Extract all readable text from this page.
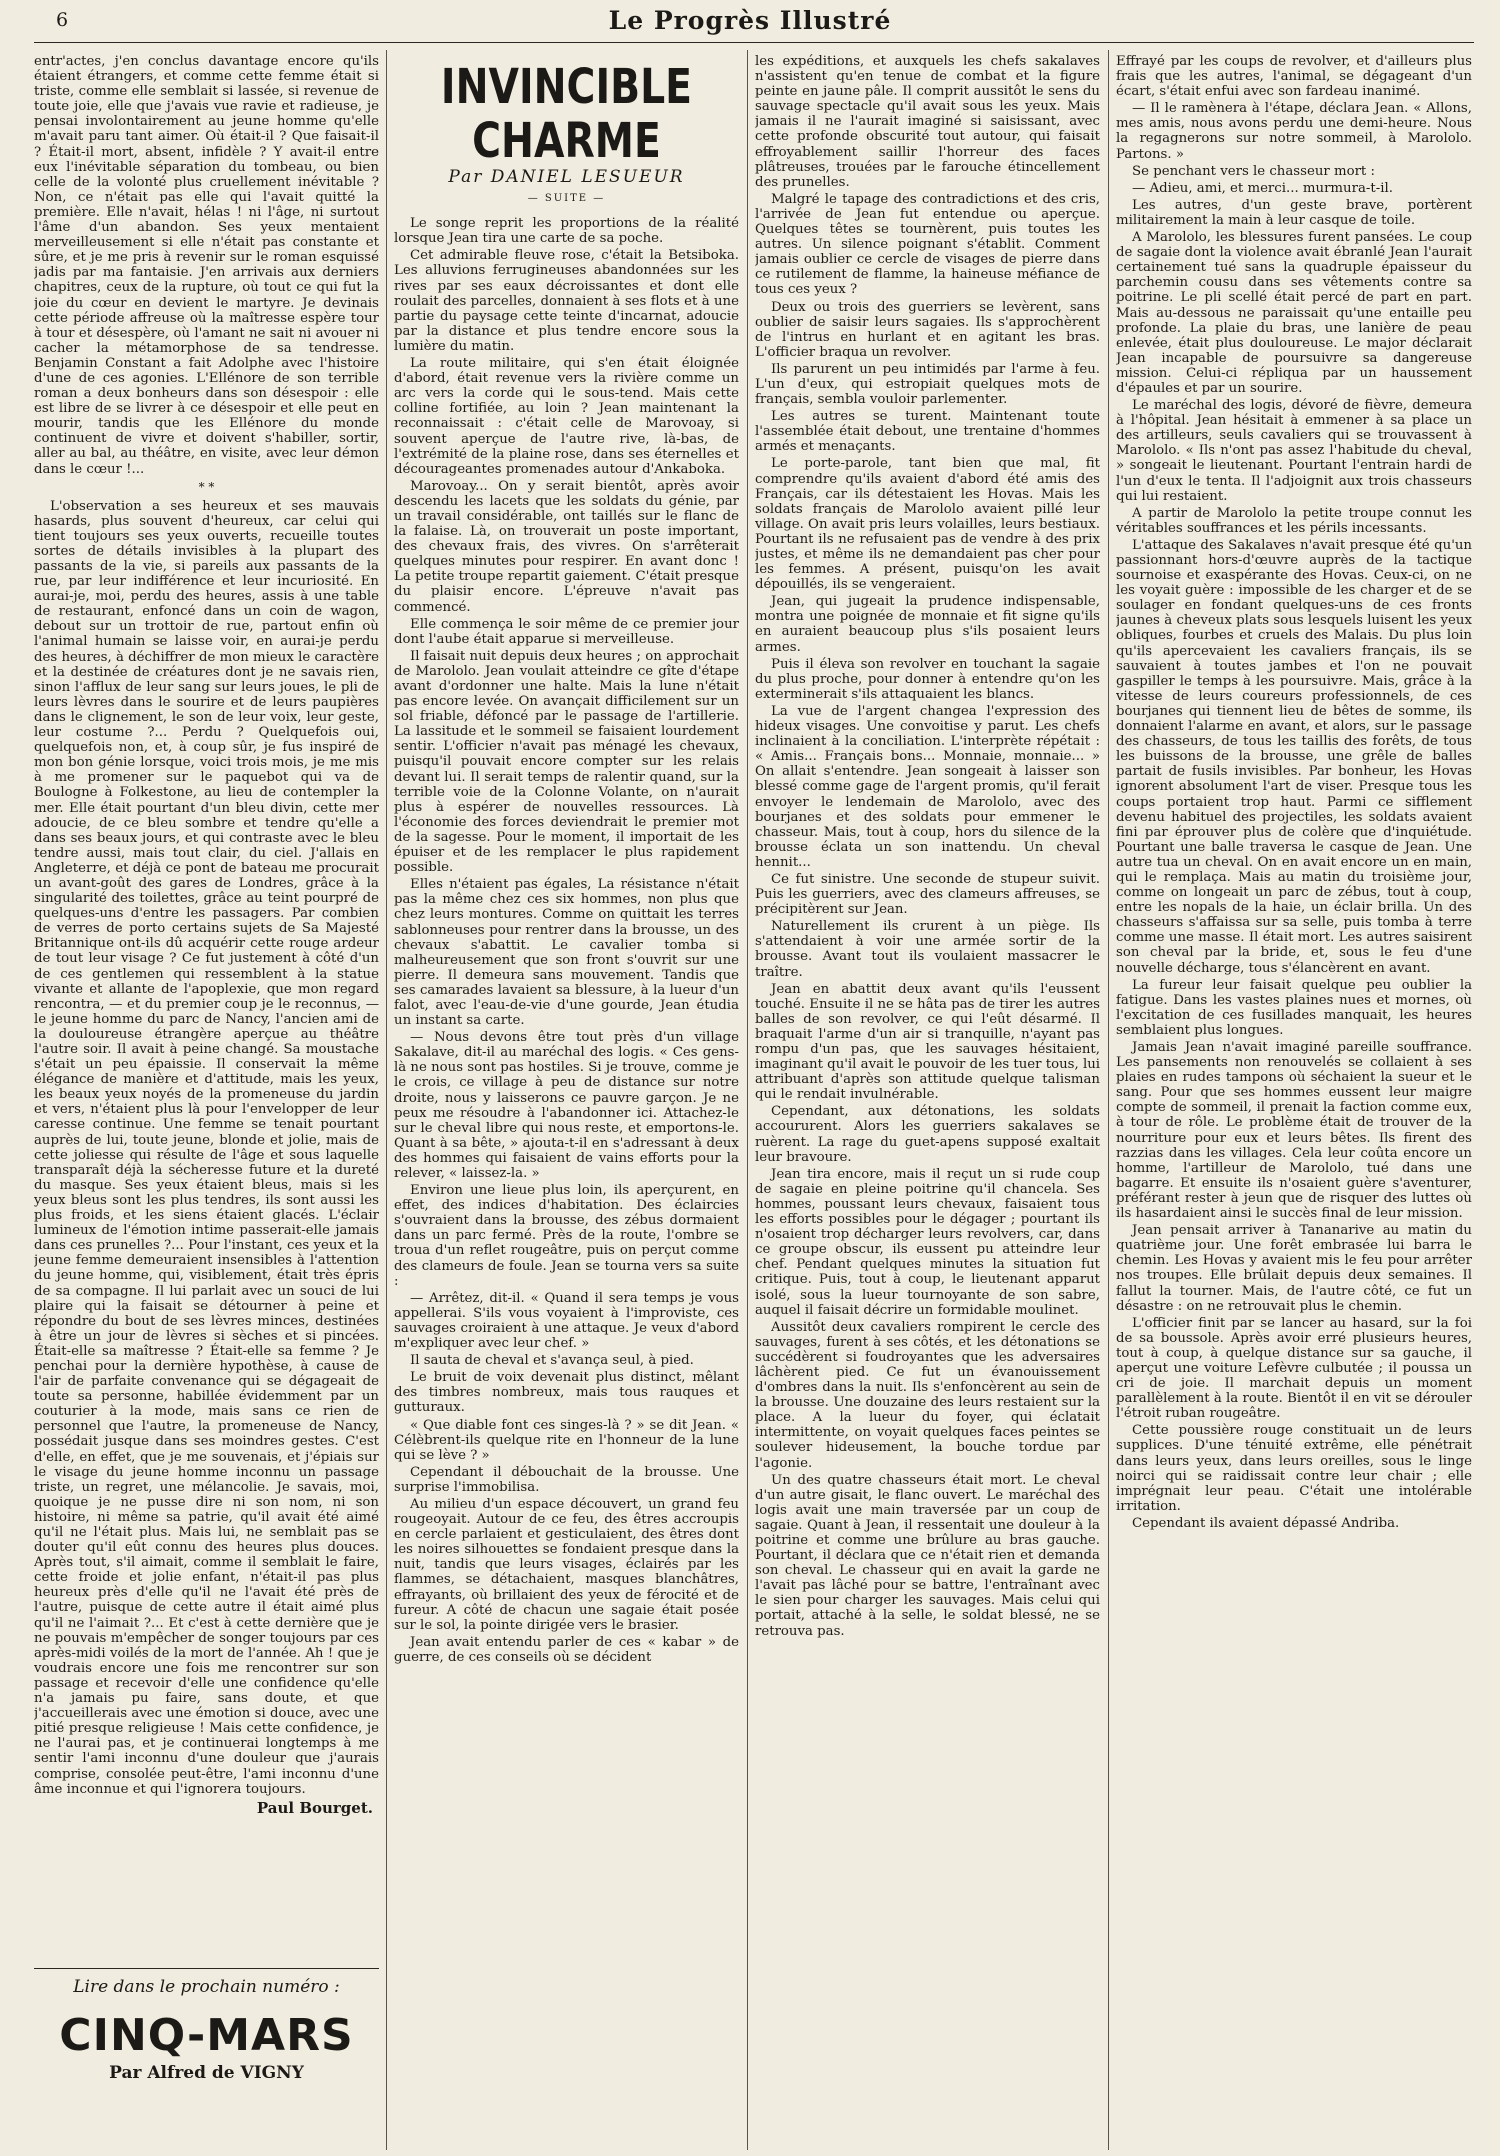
6	Le Progrès Illustré

entr'actes, j'en conclus davantage encore qu'ils étaient étrangers, et comme cette femme était si triste, comme elle semblait si lassée, si revenue de toute joie, elle que j'avais vue ravie et radieuse, je pensai involontairement au jeune homme qu'elle m'avait paru tant aimer. Où était-il ? Que faisait-il ? Était-il mort, absent, infidèle ? Y avait-il entre eux l'inévitable séparation du tombeau, ou bien celle de la volonté plus cruellement inévitable ? Non, ce n'était pas elle qui l'avait quitté la première. Elle n'avait, hélas ! ni l'âge, ni surtout l'âme d'un abandon. Ses yeux mentaient merveilleusement si elle n'était pas constante et sûre, et je me pris à revenir sur le roman esquissé jadis par ma fantaisie. J'en arrivais aux derniers chapitres, ceux de la rupture, où tout ce qui fut la joie du cœur en devient le martyre. Je devinais cette période affreuse où la maîtresse espère tour à tour et désespère, où l'amant ne sait ni avouer ni cacher la métamorphose de sa tendresse. Benjamin Constant a fait Adolphe avec l'histoire d'une de ces agonies. L'Ellénore de son terrible roman a deux bonheurs dans son désespoir : elle est libre de se livrer à ce désespoir et elle peut en mourir, tandis que les Ellénore du monde continuent de vivre et doivent s'habiller, sortir, aller au bal, au théâtre, en visite, avec leur démon dans le cœur !...

* *

L'observation a ses heureux et ses mauvais hasards, plus souvent d'heureux, car celui qui tient toujours ses yeux ouverts, recueille toutes sortes de détails invisibles à la plupart des passants de la vie, si pareils aux passants de la rue, par leur indifférence et leur incuriosité. En aurai-je, moi, perdu des heures, assis à une table de restaurant, enfoncé dans un coin de wagon, debout sur un trottoir de rue, partout enfin où l'animal humain se laisse voir, en aurai-je perdu des heures, à déchiffrer de mon mieux le caractère et la destinée de créatures dont je ne savais rien, sinon l'afflux de leur sang sur leurs joues, le pli de leurs lèvres dans le sourire et de leurs paupières dans le clignement, le son de leur voix, leur geste, leur costume ?... Perdu ? Quelquefois oui, quelquefois non, et, à coup sûr, je fus inspiré de mon bon génie lorsque, voici trois mois, je me mis à me promener sur le paquebot qui va de Boulogne à Folkestone, au lieu de contempler la mer. Elle était pourtant d'un bleu divin, cette mer adoucie, de ce bleu sombre et tendre qu'elle a dans ses beaux jours, et qui contraste avec le bleu tendre aussi, mais tout clair, du ciel. J'allais en Angleterre, et déjà ce pont de bateau me procurait un avant-goût des gares de Londres, grâce à la singularité des toilettes, grâce au teint pourpré de quelques-uns d'entre les passagers. Par combien de verres de porto certains sujets de Sa Majesté Britannique ont-ils dû acquérir cette rouge ardeur de tout leur visage ? Ce fut justement à côté d'un de ces gentlemen qui ressemblent à la statue vivante et allante de l'apoplexie, que mon regard rencontra, — et du premier coup je le reconnus, — le jeune homme du parc de Nancy, l'ancien ami de la douloureuse étrangère aperçue au théâtre l'autre soir. Il avait à peine changé. Sa moustache s'était un peu épaissie. Il conservait la même élégance de manière et d'attitude, mais les yeux, les beaux yeux noyés de la promeneuse du jardin et vers, n'étaient plus là pour l'envelopper de leur caresse continue. Une femme se tenait pourtant auprès de lui, toute jeune, blonde et jolie, mais de cette joliesse qui résulte de l'âge et sous laquelle transparaît déjà la sécheresse future et la dureté du masque. Ses yeux étaient bleus, mais si les yeux bleus sont les plus tendres, ils sont aussi les plus froids, et les siens étaient glacés. L'éclair lumineux de l'émotion intime passerait-elle jamais dans ces prunelles ?... Pour l'instant, ces yeux et la jeune femme demeuraient insensibles à l'attention du jeune homme, qui, visiblement, était très épris de sa compagne. Il lui parlait avec un souci de lui plaire qui la faisait se détourner à peine et répondre du bout de ses lèvres minces, destinées à être un jour de lèvres si sèches et si pincées. Était-elle sa maîtresse ? Était-elle sa femme ? Je penchai pour la dernière hypothèse, à cause de l'air de parfaite convenance qui se dégageait de toute sa personne, habillée évidemment par un couturier à la mode, mais sans ce rien de personnel que l'autre, la promeneuse de Nancy, possédait jusque dans ses moindres gestes. C'est d'elle, en effet, que je me souvenais, et j'épiais sur le visage du jeune homme inconnu un passage triste, un regret, une mélancolie. Je savais, moi, quoique je ne pusse dire ni son nom, ni son histoire, ni même sa patrie, qu'il avait été aimé qu'il ne l'était plus. Mais lui, ne semblait pas se douter qu'il eût connu des heures plus douces. Après tout, s'il aimait, comme il semblait le faire, cette froide et jolie enfant, n'était-il pas plus heureux près d'elle qu'il ne l'avait été près de l'autre, puisque de cette autre il était aimé plus qu'il ne l'aimait ?... Et c'est à cette dernière que je ne pouvais m'empêcher de songer toujours par ces après-midi voilés de la mort de l'année. Ah ! que je voudrais encore une fois me rencontrer sur son passage et recevoir d'elle une confidence qu'elle n'a jamais pu faire, sans doute, et que j'accueillerais avec une émotion si douce, avec une pitié presque religieuse ! Mais cette confidence, je ne l'aurai pas, et je continuerai longtemps à me sentir l'ami inconnu d'une douleur que j'aurais comprise, consolée peut-être, l'ami inconnu d'une âme inconnue et qui l'ignorera toujours.

Paul Bourget.
Lire dans le prochain numéro :
CINQ-MARS
Par Alfred de VIGNY
INVINCIBLE CHARME
Par DANIEL LESUEUR
— SUITE —

Le songe reprit les proportions de la réalité lorsque Jean tira une carte de sa poche.

Cet admirable fleuve rose, c'était la Betsiboka. Les alluvions ferrugineuses abandonnées sur les rives par ses eaux décroissantes et dont elle roulait des parcelles, donnaient à ses flots et à une partie du paysage cette teinte d'incarnat, adoucie par la distance et plus tendre encore sous la lumière du matin.

La route militaire, qui s'en était éloignée d'abord, était revenue vers la rivière comme un arc vers la corde qui le sous-tend. Mais cette colline fortifiée, au loin ? Jean maintenant la reconnaissait : c'était celle de Marovoay, si souvent aperçue de l'autre rive, là-bas, de l'extrémité de la plaine rose, dans ses éternelles et décourageantes promenades autour d'Ankaboka.

Marovoay... On y serait bientôt, après avoir descendu les lacets que les soldats du génie, par un travail considérable, ont taillés sur le flanc de la falaise. Là, on trouverait un poste important, des chevaux frais, des vivres. On s'arrêterait quelques minutes pour respirer. En avant donc ! La petite troupe repartit gaiement. C'était presque du plaisir encore. L'épreuve n'avait pas commencé.

Elle commença le soir même de ce premier jour dont l'aube était apparue si merveilleuse.

Il faisait nuit depuis deux heures ; on approchait de Marololo. Jean voulait atteindre ce gîte d'étape avant d'ordonner une halte. Mais la lune n'était pas encore levée. On avançait difficilement sur un sol friable, défoncé par le passage de l'artillerie. La lassitude et le sommeil se faisaient lourdement sentir. L'officier n'avait pas ménagé les chevaux, puisqu'il pouvait encore compter sur les relais devant lui. Il serait temps de ralentir quand, sur la terrible voie de la Colonne Volante, on n'aurait plus à espérer de nouvelles ressources. Là l'économie des forces deviendrait le premier mot de la sagesse. Pour le moment, il importait de les épuiser et de les remplacer le plus rapidement possible.

Elles n'étaient pas égales, La résistance n'était pas la même chez ces six hommes, non plus que chez leurs montures. Comme on quittait les terres sablonneuses pour rentrer dans la brousse, un des chevaux s'abattit. Le cavalier tomba si malheureusement que son front s'ouvrit sur une pierre. Il demeura sans mouvement. Tandis que ses camarades lavaient sa blessure, à la lueur d'un falot, avec l'eau-de-vie d'une gourde, Jean étudia un instant sa carte.

— Nous devons être tout près d'un village Sakalave, dit-il au maréchal des logis. « Ces gens-là ne nous sont pas hostiles. Si je trouve, comme je le crois, ce village à peu de distance sur notre droite, nous y laisserons ce pauvre garçon. Je ne peux me résoudre à l'abandonner ici. Attachez-le sur le cheval libre qui nous reste, et emportons-le. Quant à sa bête, » ajouta-t-il en s'adressant à deux des hommes qui faisaient de vains efforts pour la relever, « laissez-la. »

Environ une lieue plus loin, ils aperçurent, en effet, des indices d'habitation. Des éclaircies s'ouvraient dans la brousse, des zébus dormaient dans un parc fermé. Près de la route, l'ombre se troua d'un reflet rougeâtre, puis on perçut comme des clameurs de foule. Jean se tourna vers sa suite :

— Arrêtez, dit-il. « Quand il sera temps je vous appellerai. S'ils vous voyaient à l'improviste, ces sauvages croiraient à une attaque. Je veux d'abord m'expliquer avec leur chef. »

Il sauta de cheval et s'avança seul, à pied.

Le bruit de voix devenait plus distinct, mêlant des timbres nombreux, mais tous rauques et gutturaux.

« Que diable font ces singes-là ? » se dit Jean. « Célèbrent-ils quelque rite en l'honneur de la lune qui se lève ? »

Cependant il débouchait de la brousse. Une surprise l'immobilisa.

Au milieu d'un espace découvert, un grand feu rougeoyait. Autour de ce feu, des êtres accroupis en cercle parlaient et gesticulaient, des êtres dont les noires silhouettes se fondaient presque dans la nuit, tandis que leurs visages, éclairés par les flammes, se détachaient, masques blanchâtres, effrayants, où brillaient des yeux de férocité et de fureur. A côté de chacun une sagaie était posée sur le sol, la pointe dirigée vers le brasier.

Jean avait entendu parler de ces « kabar » de guerre, de ces conseils où se décident

les expéditions, et auxquels les chefs sakalaves n'assistent qu'en tenue de combat et la figure peinte en jaune pâle. Il comprit aussitôt le sens du sauvage spectacle qu'il avait sous les yeux. Mais jamais il ne l'aurait imaginé si saisissant, avec cette profonde obscurité tout autour, qui faisait effroyablement saillir l'horreur des faces plâtreuses, trouées par le farouche étincellement des prunelles.

Malgré le tapage des contradictions et des cris, l'arrivée de Jean fut entendue ou aperçue. Quelques têtes se tournèrent, puis toutes les autres. Un silence poignant s'établit. Comment jamais oublier ce cercle de visages de pierre dans ce rutilement de flamme, la haineuse méfiance de tous ces yeux ?

Deux ou trois des guerriers se levèrent, sans oublier de saisir leurs sagaies. Ils s'approchèrent de l'intrus en hurlant et en agitant les bras. L'officier braqua un revolver.

Ils parurent un peu intimidés par l'arme à feu. L'un d'eux, qui estropiait quelques mots de français, sembla vouloir parlementer.

Les autres se turent. Maintenant toute l'assemblée était debout, une trentaine d'hommes armés et menaçants.

Le porte-parole, tant bien que mal, fit comprendre qu'ils avaient d'abord été amis des Français, car ils détestaient les Hovas. Mais les soldats français de Marololo avaient pillé leur village. On avait pris leurs volailles, leurs bestiaux. Pourtant ils ne refusaient pas de vendre à des prix justes, et même ils ne demandaient pas cher pour les femmes. A présent, puisqu'on les avait dépouillés, ils se vengeraient.

Jean, qui jugeait la prudence indispensable, montra une poignée de monnaie et fit signe qu'ils en auraient beaucoup plus s'ils posaient leurs armes.

Puis il éleva son revolver en touchant la sagaie du plus proche, pour donner à entendre qu'on les exterminerait s'ils attaquaient les blancs.

La vue de l'argent changea l'expression des hideux visages. Une convoitise y parut. Les chefs inclinaient à la conciliation. L'interprète répétait : « Amis... Français bons... Monnaie, monnaie... » On allait s'entendre. Jean songeait à laisser son blessé comme gage de l'argent promis, qu'il ferait envoyer le lendemain de Marololo, avec des bourjanes et des soldats pour emmener le chasseur. Mais, tout à coup, hors du silence de la brousse éclata un son inattendu. Un cheval hennit...

Ce fut sinistre. Une seconde de stupeur suivit. Puis les guerriers, avec des clameurs affreuses, se précipitèrent sur Jean.

Naturellement ils crurent à un piège. Ils s'attendaient à voir une armée sortir de la brousse. Avant tout ils voulaient massacrer le traître.

Jean en abattit deux avant qu'ils l'eussent touché. Ensuite il ne se hâta pas de tirer les autres balles de son revolver, ce qui l'eût désarmé. Il braquait l'arme d'un air si tranquille, n'ayant pas rompu d'un pas, que les sauvages hésitaient, imaginant qu'il avait le pouvoir de les tuer tous, lui attribuant d'après son attitude quelque talisman qui le rendait invulnérable.

Cependant, aux détonations, les soldats accoururent. Alors les guerriers sakalaves se ruèrent. La rage du guet-apens supposé exaltait leur bravoure.

Jean tira encore, mais il reçut un si rude coup de sagaie en pleine poitrine qu'il chancela. Ses hommes, poussant leurs chevaux, faisaient tous les efforts possibles pour le dégager ; pourtant ils n'osaient trop décharger leurs revolvers, car, dans ce groupe obscur, ils eussent pu atteindre leur chef. Pendant quelques minutes la situation fut critique. Puis, tout à coup, le lieutenant apparut isolé, sous la lueur tournoyante de son sabre, auquel il faisait décrire un formidable moulinet.

Aussitôt deux cavaliers rompirent le cercle des sauvages, furent à ses côtés, et les détonations se succédèrent si foudroyantes que les adversaires lâchèrent pied. Ce fut un évanouissement d'ombres dans la nuit. Ils s'enfoncèrent au sein de la brousse. Une douzaine des leurs restaient sur la place. A la lueur du foyer, qui éclatait intermittente, on voyait quelques faces peintes se soulever hideusement, la bouche tordue par l'agonie.

Un des quatre chasseurs était mort. Le cheval d'un autre gisait, le flanc ouvert. Le maréchal des logis avait une main traversée par un coup de sagaie. Quant à Jean, il ressentait une douleur à la poitrine et comme une brûlure au bras gauche. Pourtant, il déclara que ce n'était rien et demanda son cheval. Le chasseur qui en avait la garde ne l'avait pas lâché pour se battre, l'entraînant avec le sien pour charger les sauvages. Mais celui qui portait, attaché à la selle, le soldat blessé, ne se retrouva pas.

Effrayé par les coups de revolver, et d'ailleurs plus frais que les autres, l'animal, se dégageant d'un écart, s'était enfui avec son fardeau inanimé.

— Il le ramènera à l'étape, déclara Jean. « Allons, mes amis, nous avons perdu une demi-heure. Nous la regagnerons sur notre sommeil, à Marololo. Partons. »

Se penchant vers le chasseur mort :

— Adieu, ami, et merci... murmura-t-il.

Les autres, d'un geste brave, portèrent militairement la main à leur casque de toile.

A Marololo, les blessures furent pansées. Le coup de sagaie dont la violence avait ébranlé Jean l'aurait certainement tué sans la quadruple épaisseur du parchemin cousu dans ses vêtements contre sa poitrine. Le pli scellé était percé de part en part. Mais au-dessous ne paraissait qu'une entaille peu profonde. La plaie du bras, une lanière de peau enlevée, était plus douloureuse. Le major déclarait Jean incapable de poursuivre sa dangereuse mission. Celui-ci répliqua par un haussement d'épaules et par un sourire.

Le maréchal des logis, dévoré de fièvre, demeura à l'hôpital. Jean hésitait à emmener à sa place un des artilleurs, seuls cavaliers qui se trouvassent à Marololo. « Ils n'ont pas assez l'habitude du cheval, » songeait le lieutenant. Pourtant l'entrain hardi de l'un d'eux le tenta. Il l'adjoignit aux trois chasseurs qui lui restaient.

A partir de Marololo la petite troupe connut les véritables souffrances et les périls incessants.

L'attaque des Sakalaves n'avait presque été qu'un passionnant hors-d'œuvre auprès de la tactique sournoise et exaspérante des Hovas. Ceux-ci, on ne les voyait guère : impossible de les charger et de se soulager en fondant quelques-uns de ces fronts jaunes à cheveux plats sous lesquels luisent les yeux obliques, fourbes et cruels des Malais. Du plus loin qu'ils apercevaient les cavaliers français, ils se sauvaient à toutes jambes et l'on ne pouvait gaspiller le temps à les poursuivre. Mais, grâce à la vitesse de leurs coureurs professionnels, de ces bourjanes qui tiennent lieu de bêtes de somme, ils donnaient l'alarme en avant, et alors, sur le passage des chasseurs, de tous les taillis des forêts, de tous les buissons de la brousse, une grêle de balles partait de fusils invisibles. Par bonheur, les Hovas ignorent absolument l'art de viser. Presque tous les coups portaient trop haut. Parmi ce sifflement devenu habituel des projectiles, les soldats avaient fini par éprouver plus de colère que d'inquiétude. Pourtant une balle traversa le casque de Jean. Une autre tua un cheval. On en avait encore un en main, qui le remplaça. Mais au matin du troisième jour, comme on longeait un parc de zébus, tout à coup, entre les nopals de la haie, un éclair brilla. Un des chasseurs s'affaissa sur sa selle, puis tomba à terre comme une masse. Il était mort. Les autres saisirent son cheval par la bride, et, sous le feu d'une nouvelle décharge, tous s'élancèrent en avant.

La fureur leur faisait quelque peu oublier la fatigue. Dans les vastes plaines nues et mornes, où l'excitation de ces fusillades manquait, les heures semblaient plus longues.

Jamais Jean n'avait imaginé pareille souffrance. Les pansements non renouvelés se collaient à ses plaies en rudes tampons où séchaient la sueur et le sang. Pour que ses hommes eussent leur maigre compte de sommeil, il prenait la faction comme eux, à tour de rôle. Le problème était de trouver de la nourriture pour eux et leurs bêtes. Ils firent des razzias dans les villages. Cela leur coûta encore un homme, l'artilleur de Marololo, tué dans une bagarre. Et ensuite ils n'osaient guère s'aventurer, préférant rester à jeun que de risquer des luttes où ils hasardaient ainsi le succès final de leur mission.

Jean pensait arriver à Tananarive au matin du quatrième jour. Une forêt embrasée lui barra le chemin. Les Hovas y avaient mis le feu pour arrêter nos troupes. Elle brûlait depuis deux semaines. Il fallut la tourner. Mais, de l'autre côté, ce fut un désastre : on ne retrouvait plus le chemin.

L'officier finit par se lancer au hasard, sur la foi de sa boussole. Après avoir erré plusieurs heures, tout à coup, à quelque distance sur sa gauche, il aperçut une voiture Lefèvre culbutée ; il poussa un cri de joie. Il marchait depuis un moment parallèlement à la route. Bientôt il en vit se dérouler l'étroit ruban rougeâtre.

Cette poussière rouge constituait un de leurs supplices. D'une ténuité extrême, elle pénétrait dans leurs yeux, dans leurs oreilles, sous le linge noirci qui se raidissait contre leur chair ; elle imprégnait leur peau. C'était une intolérable irritation.

Cependant ils avaient dépassé Andriba.
